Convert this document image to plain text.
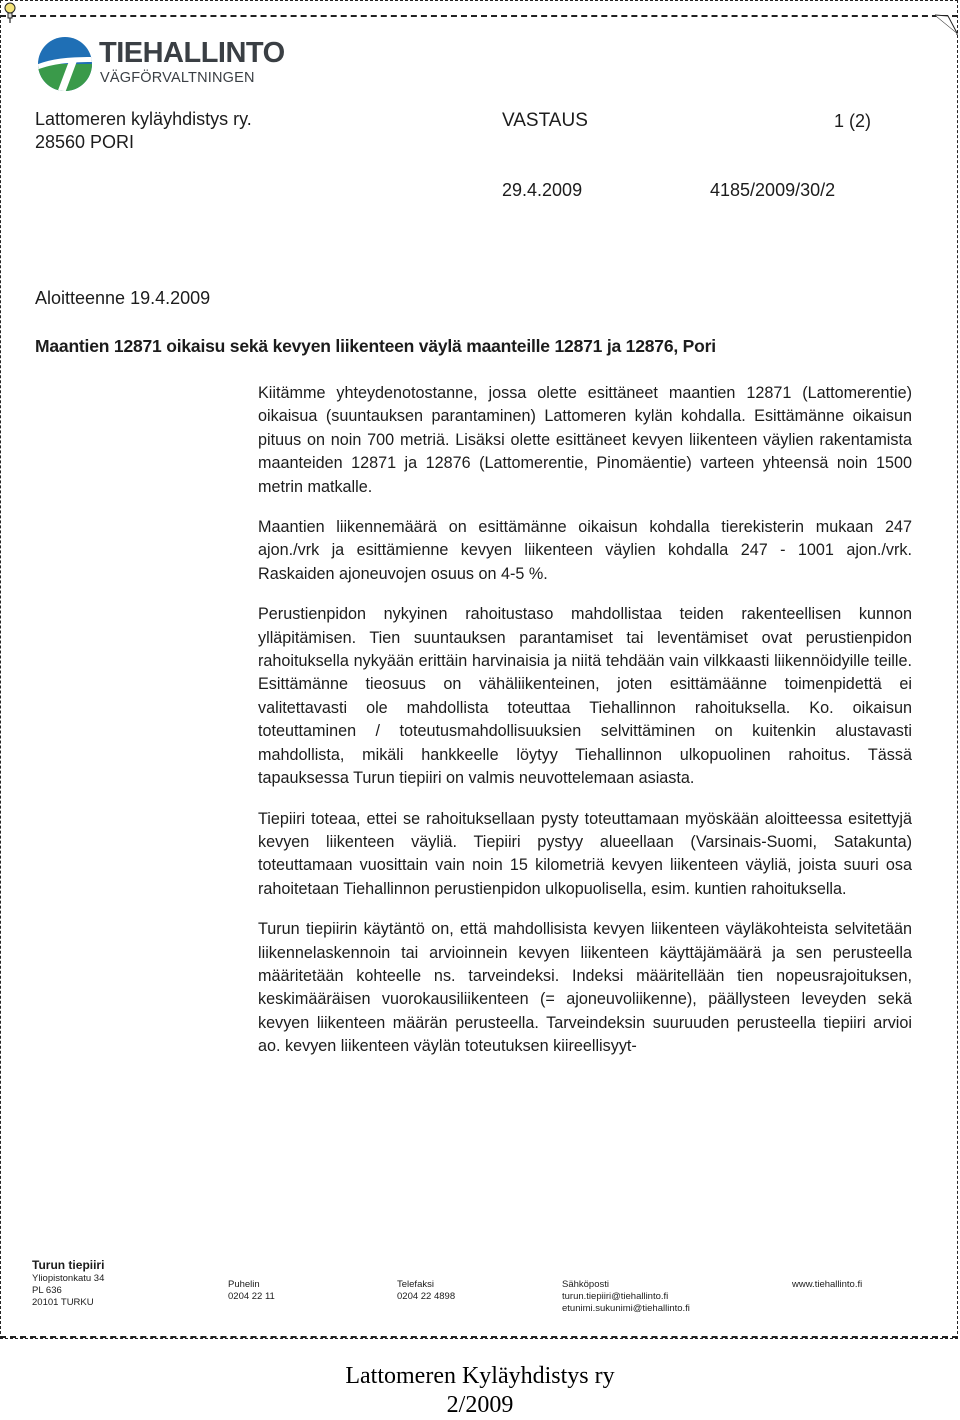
TIEHALLINTO
VÄGFÖRVALTNINGEN
Lattomeren kyläyhdistys ry.
28560 PORI
VASTAUS	1 (2)
29.4.2009	4185/2009/30/2
Aloitteenne 19.4.2009
Maantien 12871 oikaisu sekä kevyen liikenteen väylä maanteille 12871 ja 12876, Pori

Kiitämme yhteydenotostanne, jossa olette esittäneet maantien 12871 (Lattomerentie) oikaisua (suuntauksen parantaminen) Lattomeren kylän kohdalla. Esittämänne oikaisun pituus on noin 700 metriä. Lisäksi olette esittäneet kevyen liikenteen väylien rakentamista maanteiden 12871 ja 12876 (Lattomerentie, Pinomäentie) varteen yhteensä noin 1500 metrin matkalle.

Maantien liikennemäärä on esittämänne oikaisun kohdalla tierekisterin mukaan 247 ajon./vrk ja esittämienne kevyen liikenteen väylien kohdalla 247 - 1001 ajon./vrk. Raskaiden ajoneuvojen osuus on 4-5 %.

Perustienpidon nykyinen rahoitustaso mahdollistaa teiden rakenteellisen kunnon ylläpitämisen. Tien suuntauksen parantamiset tai leventämiset ovat perustienpidon rahoituksella nykyään erittäin harvinaisia ja niitä tehdään vain vilkkaasti liikennöidyille teille. Esittämänne tieosuus on vähäliikenteinen, joten esittämäänne toimenpidettä ei valitettavasti ole mahdollista toteuttaa Tiehallinnon rahoituksella. Ko. oikaisun toteuttaminen / toteutusmahdollisuuksien selvittäminen on kuitenkin alustavasti mahdollista, mikäli hankkeelle löytyy Tiehallinnon ulkopuolinen rahoitus. Tässä tapauksessa Turun tiepiiri on valmis neuvottelemaan asiasta.

Tiepiiri toteaa, ettei se rahoituksellaan pysty toteuttamaan myöskään aloitteessa esitettyjä kevyen liikenteen väyliä. Tiepiiri pystyy alueellaan (Varsinais-Suomi, Satakunta) toteuttamaan vuosittain vain noin 15 kilometriä kevyen liikenteen väyliä, joista suuri osa rahoitetaan Tiehallinnon perustienpidon ulkopuolisella, esim. kuntien rahoituksella.

Turun tiepiirin käytäntö on, että mahdollisista kevyen liikenteen väyläkohteista selvitetään liikennelaskennoin tai arvioinnein kevyen liikenteen käyttäjämäärä ja sen perusteella määritetään kohteelle ns. tarveindeksi. Indeksi määritellään tien nopeusrajoituksen, keskimääräisen vuorokausiliikenteen (= ajoneuvoliikenne), päällysteen leveyden sekä kevyen liikenteen määrän perusteella. Tarveindeksin suuruuden perusteella tiepiiri arvioi ao. kevyen liikenteen väylän toteutuksen kiireellisyyt-

Turun tiepiiri
Yliopistonkatu 34
PL 636
20101 TURKU
Puhelin
0204 22 11
Telefaksi
0204 22 4898
Sähköposti
turun.tiepiiri@tiehallinto.fi
etunimi.sukunimi@tiehallinto.fi
www.tiehallinto.fi
Lattomeren Kyläyhdistys ry
2/2009
